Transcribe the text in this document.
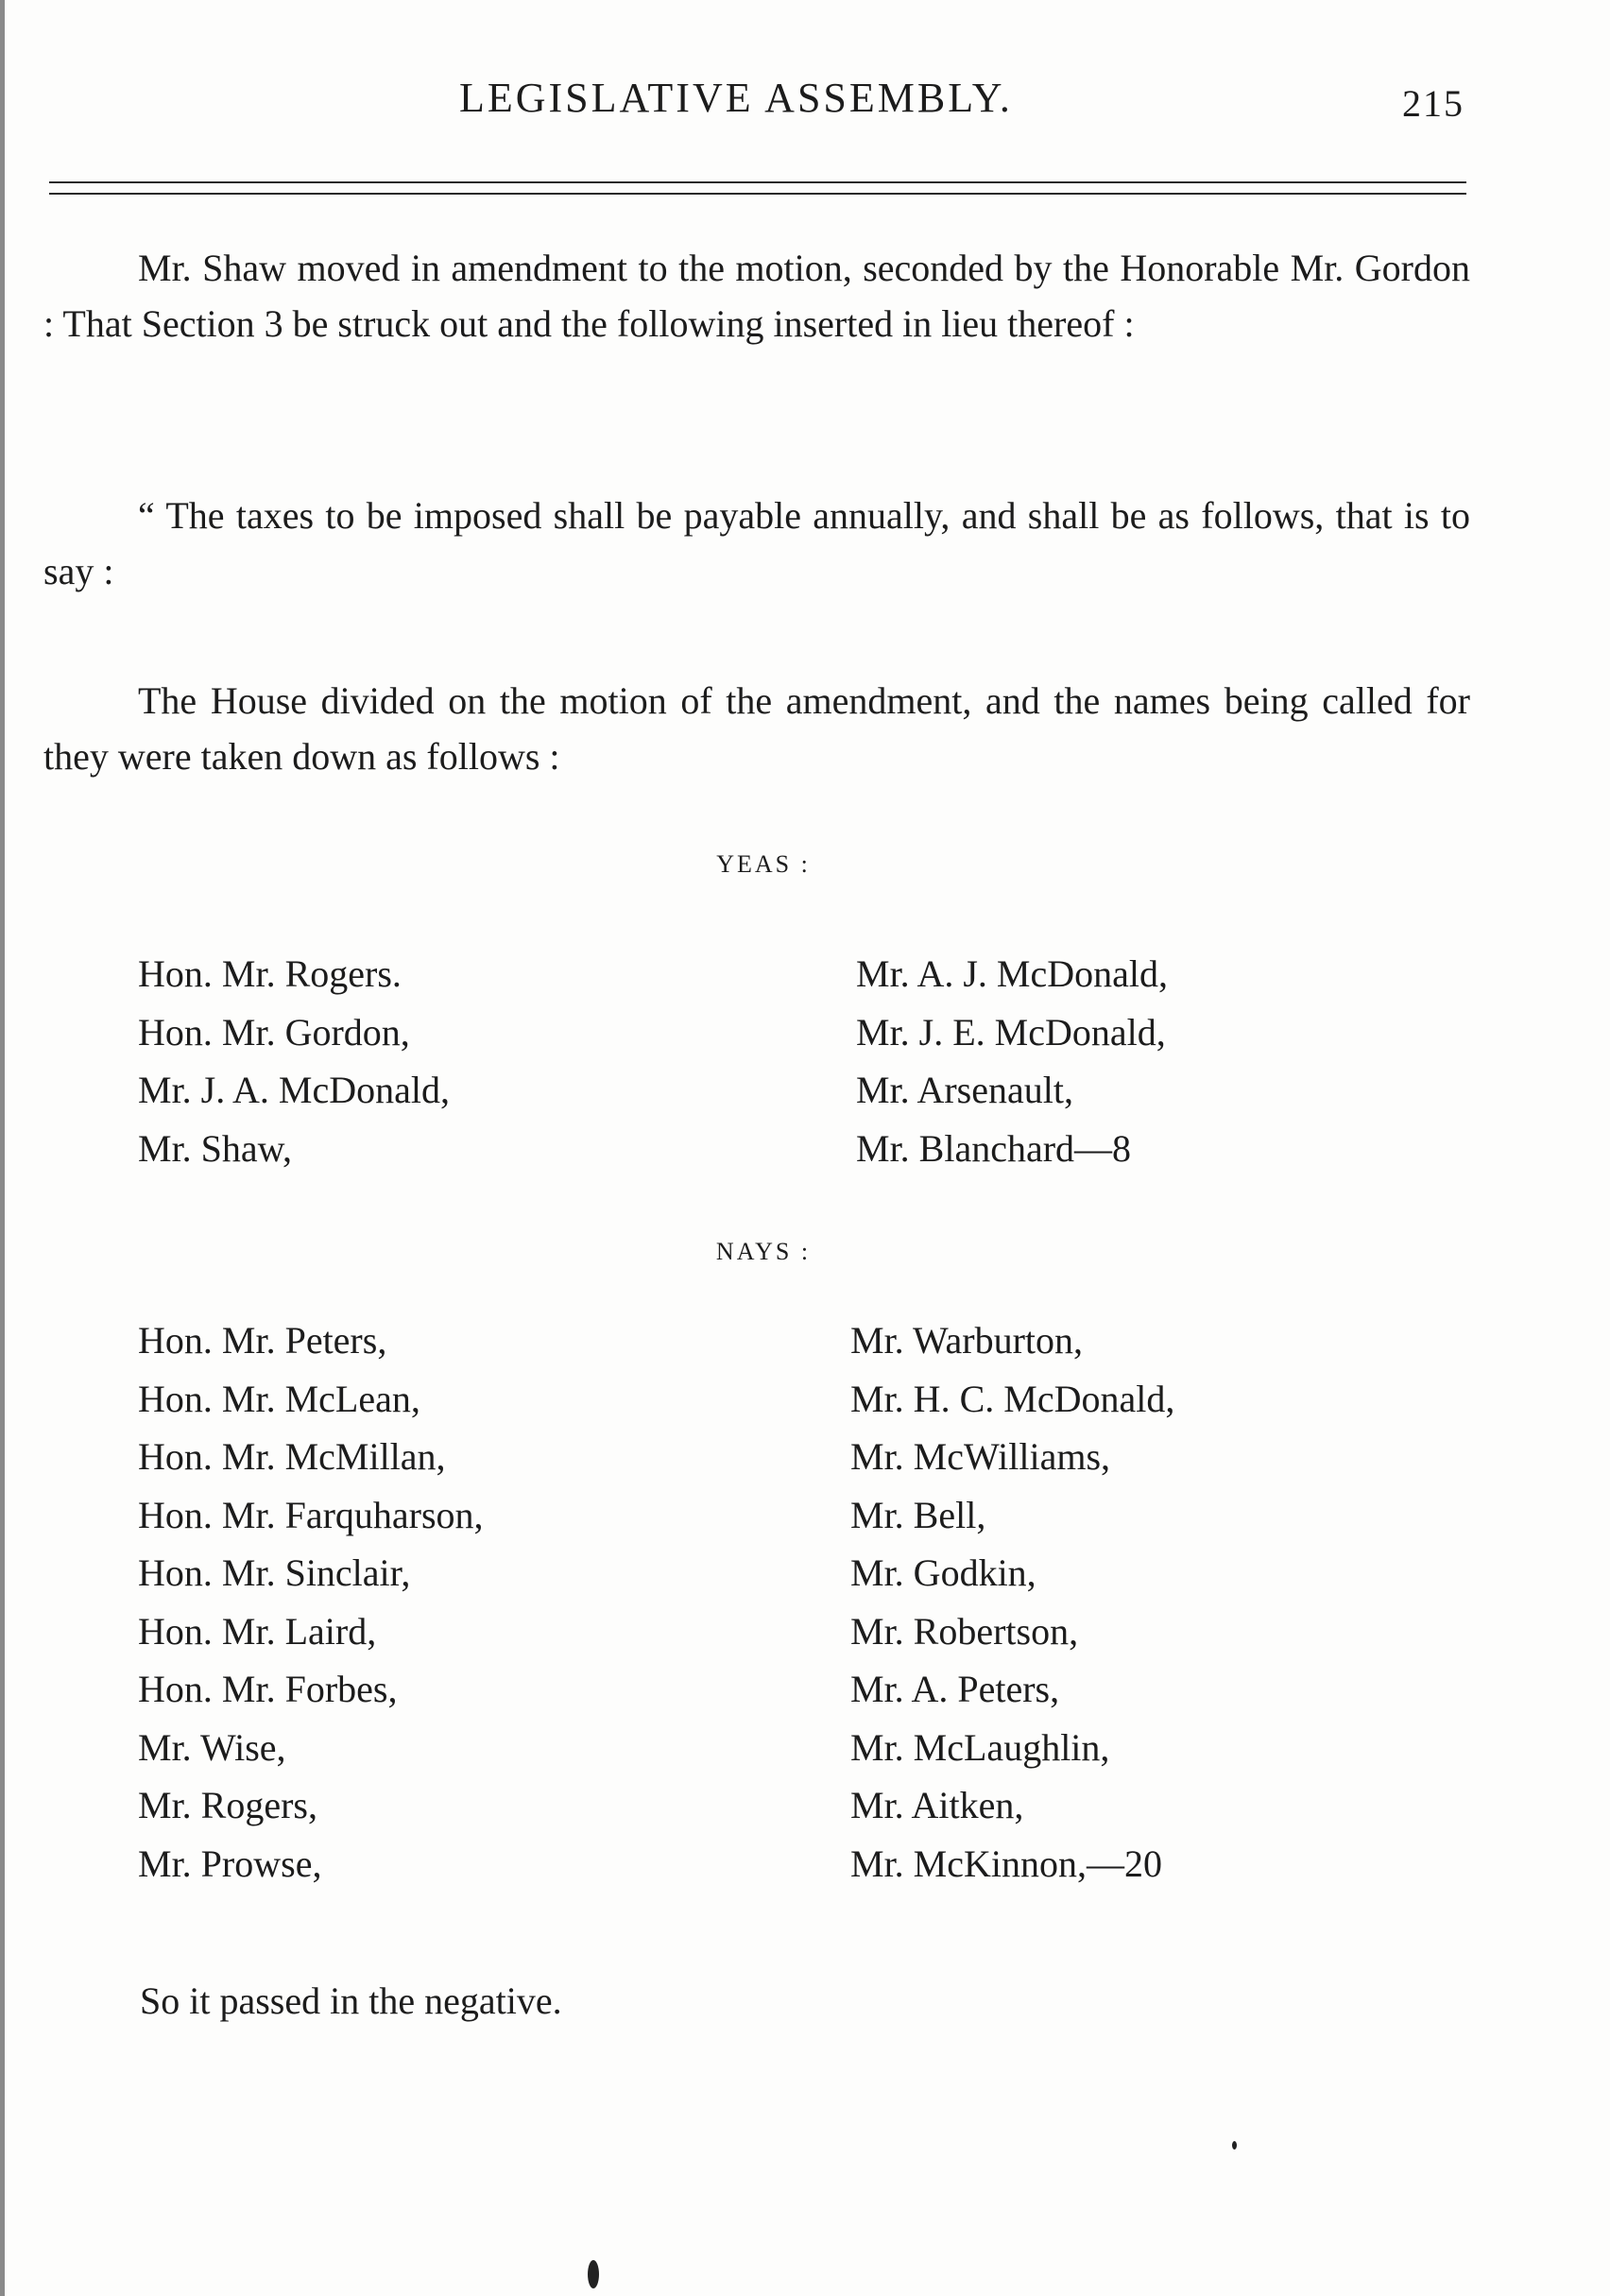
LEGISLATIVE ASSEMBLY.	215
Mr. Shaw moved in amendment to the motion, seconded by the Honorable Mr. Gordon : That Section 3 be struck out and the following inserted in lieu thereof :
“ The taxes to be imposed shall be payable annually, and shall be as follows, that is to say :
The House divided on the motion of the amendment, and the names being called for they were taken down as follows :
YEAS :
Hon. Mr. Rogers.
Hon. Mr. Gordon,
Mr. J. A. McDonald,
Mr. Shaw,
Mr. A. J. McDonald,
Mr. J. E. McDonald,
Mr. Arsenault,
Mr. Blanchard—8
NAYS :
Hon. Mr. Peters,
Hon. Mr. McLean,
Hon. Mr. McMillan,
Hon. Mr. Farquharson,
Hon. Mr. Sinclair,
Hon. Mr. Laird,
Hon. Mr. Forbes,
Mr. Wise,
Mr. Rogers,
Mr. Prowse,
Mr. Warburton,
Mr. H. C. McDonald,
Mr. McWilliams,
Mr. Bell,
Mr. Godkin,
Mr. Robertson,
Mr. A. Peters,
Mr. McLaughlin,
Mr. Aitken,
Mr. McKinnon,—20
So it passed in the negative.
